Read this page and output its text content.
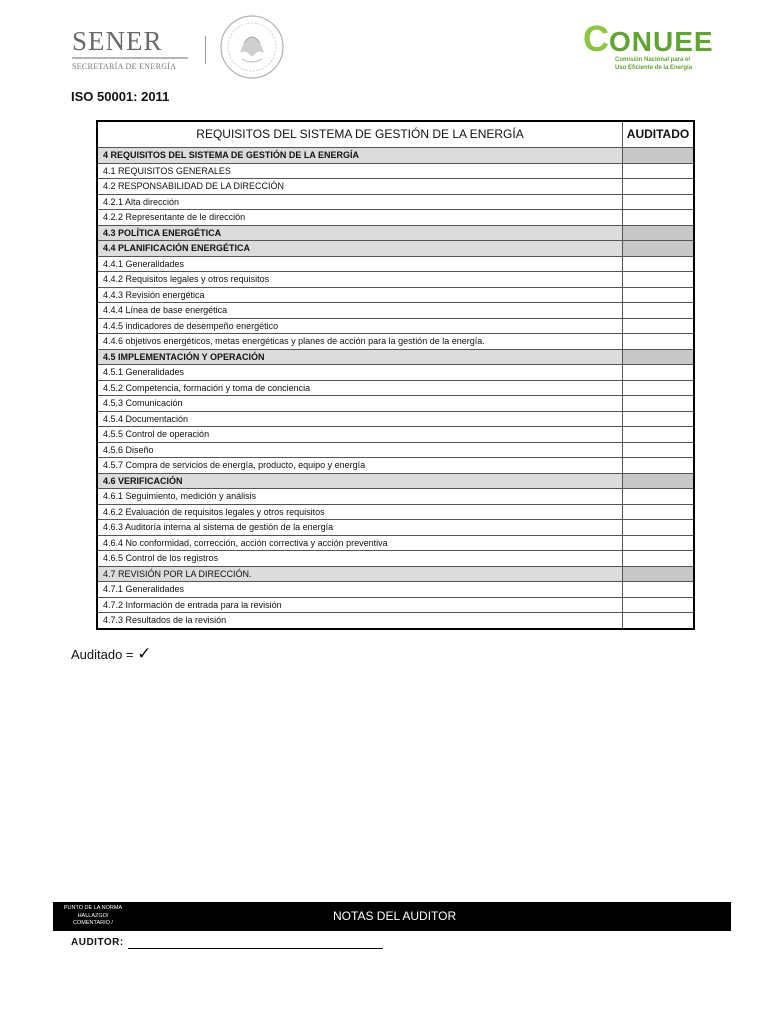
SENER
SECRETARÍA DE ENERGÍA
CONUEE
Comisión Nacional para el
Uso Eficiente de la Energía
ISO 50001: 2011
REQUISITOS DEL SISTEMA DE GESTIÓN DE LA ENERGÍA	AUDITADO
4 REQUISITOS DEL SISTEMA DE GESTIÓN DE LA ENERGÍA
4.1 REQUISITOS GENERALES
4.2 RESPONSABILIDAD DE LA DIRECCIÓN
4.2.1 Alta dirección
4.2.2 Representante de le dirección
4.3 POLÍTICA ENERGÉTICA
4.4 PLANIFICACIÓN ENERGÉTICA
4.4.1 Generalidades
4.4.2 Requisitos legales y otros requisitos
4.4.3 Revisión energética
4.4.4 Línea de base energética
4.4.5 indicadores de desempeño energético
4.4.6 objetivos energéticos, metas energéticas y planes de acción para la gestión de la energía.
4.5 IMPLEMENTACIÓN Y OPERACIÓN
4.5.1 Generalidades
4.5.2 Competencia, formación y toma de conciencia
4.5.3 Comunicación
4.5.4 Documentación
4.5.5 Control de operación
4.5.6 Diseño
4.5.7 Compra de servicios de energía, producto, equipo y energía
4.6 VERIFICACIÓN
4.6.1 Seguimiento, medición y análisis
4.6.2 Evaluación de requisitos legales y otros requisitos
4.6.3 Auditoría interna al sistema de gestión de la energía
4.6.4 No conformidad, corrección, acción correctiva y acción preventiva
4.6.5 Control de los registros
4.7 REVISIÓN POR LA DIRECCIÓN.
4.7.1 Generalidades
4.7.2 Información de entrada para la revisión
4.7.3 Resultados de la revisión
Auditado = ✓
PUNTO DE LA NORMA
HALLAZGO/
COMENTARIO /	NOTAS DEL AUDITOR
AUDITOR:
